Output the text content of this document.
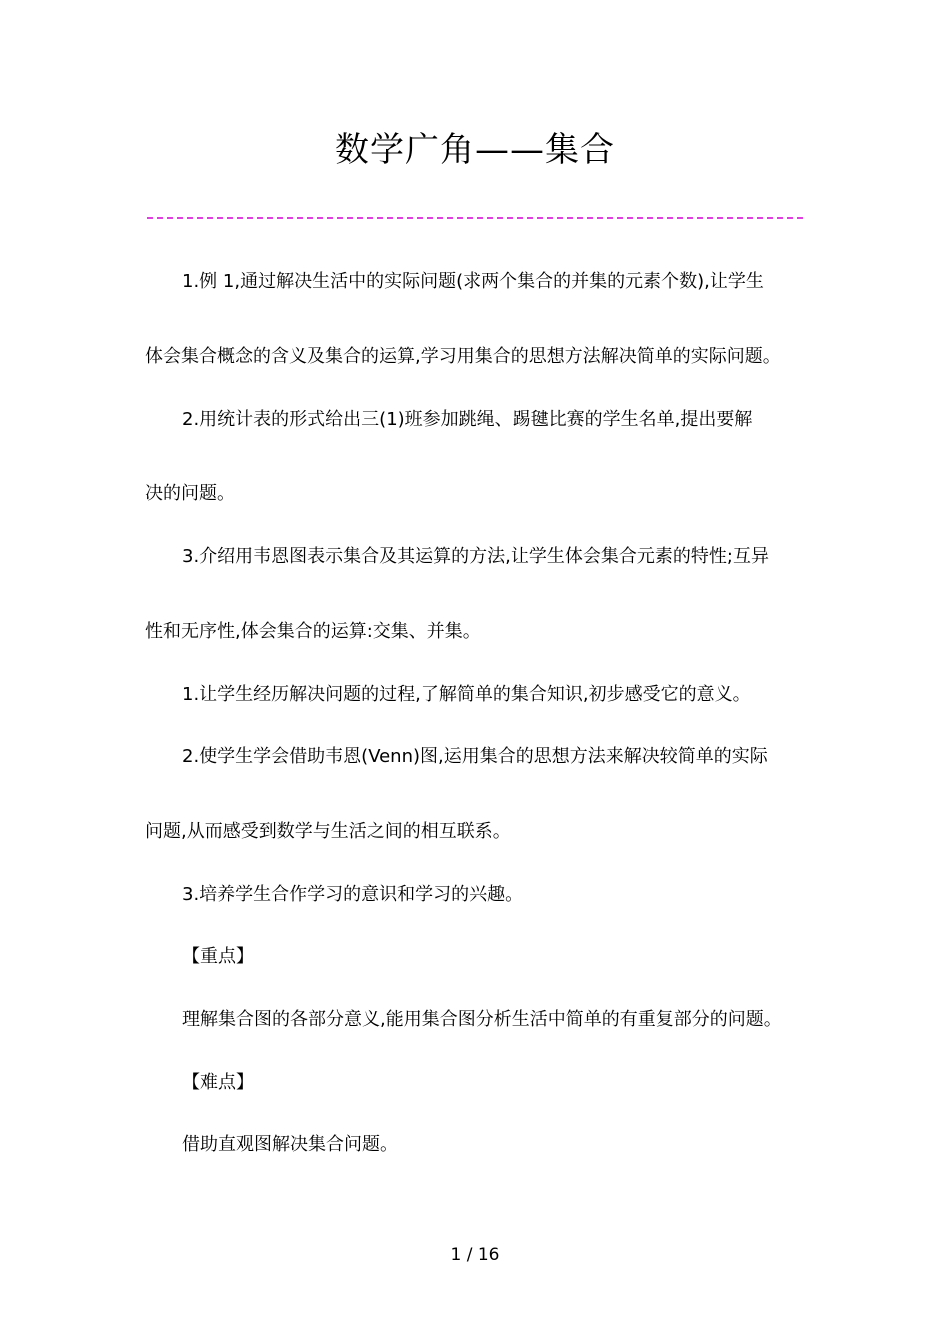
数学广角——集合
1.例 1,通过解决生活中的实际问题(求两个集合的并集的元素个数),让学生
体会集合概念的含义及集合的运算,学习用集合的思想方法解决简单的实际问题。
2.用统计表的形式给出三(1)班参加跳绳、踢毽比赛的学生名单,提出要解
决的问题。
3.介绍用韦恩图表示集合及其运算的方法,让学生体会集合元素的特性;互异
性和无序性,体会集合的运算:交集、并集。
1.让学生经历解决问题的过程,了解简单的集合知识,初步感受它的意义。
2.使学生学会借助韦恩(Venn)图,运用集合的思想方法来解决较简单的实际
问题,从而感受到数学与生活之间的相互联系。
3.培养学生合作学习的意识和学习的兴趣。
【重点】
理解集合图的各部分意义,能用集合图分析生活中简单的有重复部分的问题。
【难点】
借助直观图解决集合问题。
1 / 16
